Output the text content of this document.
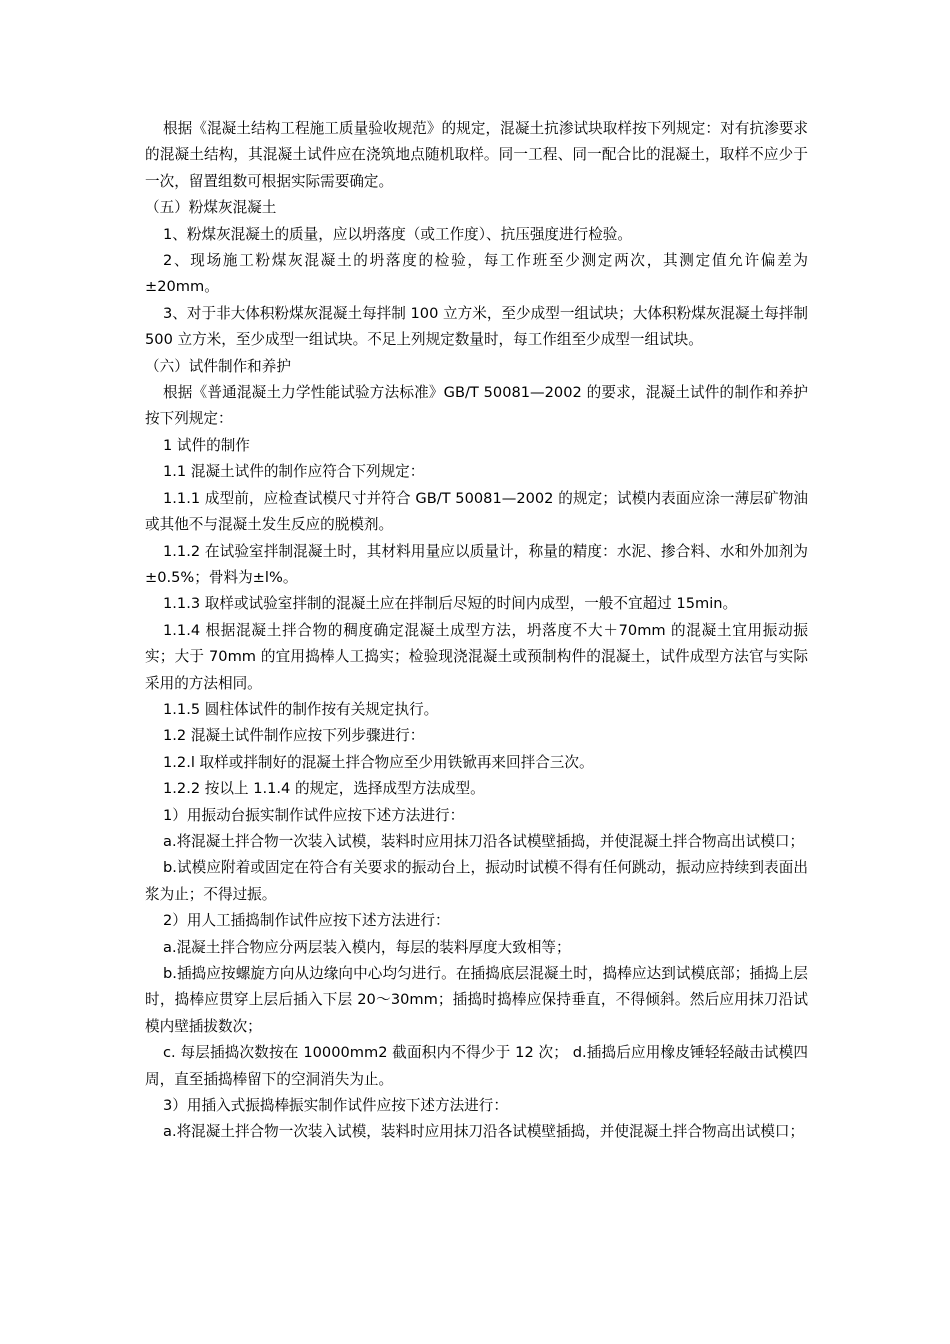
根据《混凝土结构工程施工质量验收规范》的规定，混凝土抗渗试块取样按下列规定：对有抗渗要求的混凝土结构，其混凝土试件应在浇筑地点随机取样。同一工程、同一配合比的混凝土，取样不应少于一次，留置组数可根据实际需要确定。

（五）粉煤灰混凝土

1、粉煤灰混凝土的质量，应以坍落度（或工作度）、抗压强度进行检验。

2、现场施工粉煤灰混凝土的坍落度的检验，每工作班至少测定两次，其测定值允许偏差为±20mm。

3、对于非大体积粉煤灰混凝土每拌制 100 立方米，至少成型一组试块；大体积粉煤灰混凝土每拌制 500 立方米，至少成型一组试块。不足上列规定数量时，每工作组至少成型一组试块。

（六）试件制作和养护

根据《普通混凝土力学性能试验方法标准》GB/T 50081—2002 的要求，混凝土试件的制作和养护按下列规定：

1 试件的制作

1.1 混凝土试件的制作应符合下列规定：

1.1.1 成型前，应检查试模尺寸并符合 GB/T 50081—2002 的规定；试模内表面应涂一薄层矿物油或其他不与混凝土发生反应的脱模剂。

1.1.2 在试验室拌制混凝土时，其材料用量应以质量计，称量的精度：水泥、掺合料、水和外加剂为±0.5%；骨料为±l%。

1.1.3 取样或试验室拌制的混凝土应在拌制后尽短的时间内成型，一般不宜超过 15min。

1.1.4 根据混凝土拌合物的稠度确定混凝土成型方法，坍落度不大＋70mm 的混凝土宜用振动振实；大于 70mm 的宜用捣棒人工捣实；检验现浇混凝土或预制构件的混凝土，试件成型方法官与实际采用的方法相同。

1.1.5 圆柱体试件的制作按有关规定执行。

1.2 混凝土试件制作应按下列步骤进行：

1.2.l 取样或拌制好的混凝土拌合物应至少用铁锨再来回拌合三次。

1.2.2 按以上 1.1.4 的规定，选择成型方法成型。

1）用振动台振实制作试件应按下述方法进行：

a.将混凝土拌合物一次装入试模，装料时应用抹刀沿各试模壁插捣，并使混凝土拌合物高出试模口；

b.试模应附着或固定在符合有关要求的振动台上，振动时试模不得有任何跳动，振动应持续到表面出浆为止；不得过振。

2）用人工插捣制作试件应按下述方法进行：

a.混凝土拌合物应分两层装入模内，每层的装料厚度大致相等；

b.插捣应按螺旋方向从边缘向中心均匀进行。在插捣底层混凝土时，捣棒应达到试模底部；插捣上层时，捣棒应贯穿上层后插入下层 20～30mm；插捣时捣棒应保持垂直，不得倾斜。然后应用抹刀沿试模内壁插拔数次；

c. 每层插捣次数按在 10000mm2 截面积内不得少于 12 次； d.插捣后应用橡皮锤轻轻敲击试模四周，直至插捣棒留下的空洞消失为止。

3）用插入式振捣棒振实制作试件应按下述方法进行：

a.将混凝土拌合物一次装入试模，装料时应用抹刀沿各试模壁插捣，并使混凝土拌合物高出试模口；
